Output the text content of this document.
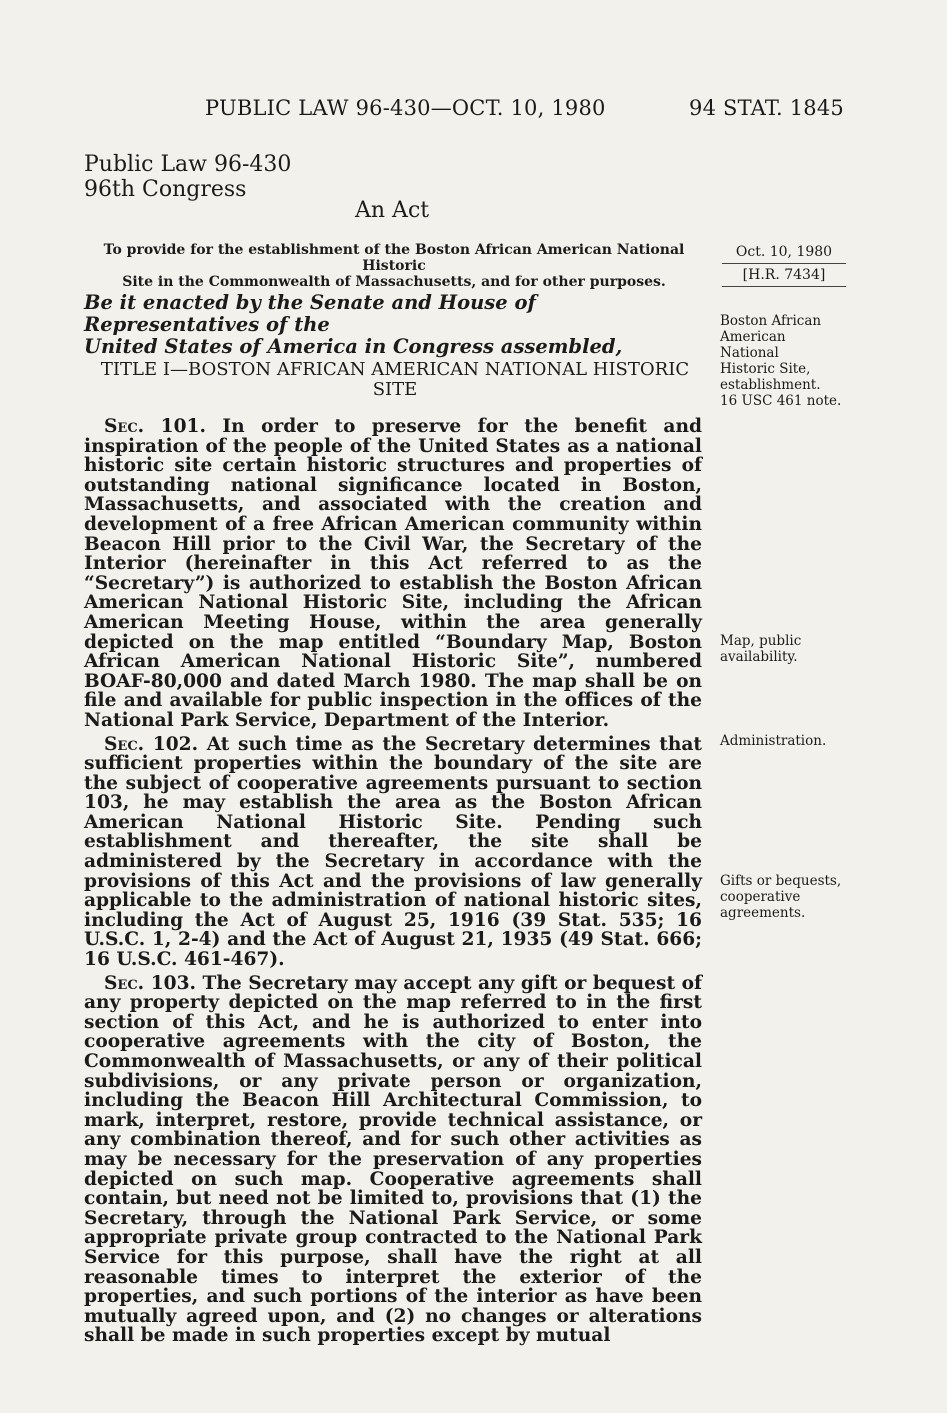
PUBLIC LAW 96-430—OCT. 10, 1980	94 STAT. 1845
Public Law 96-430
96th Congress
An Act
To provide for the establishment of the Boston African American National Historic
Site in the Commonwealth of Massachusetts, and for other purposes.
Oct. 10, 1980
[H.R. 7434]
Be it enacted by the Senate and House of Representatives of the
United States of America in Congress assembled,
TITLE I—BOSTON AFRICAN AMERICAN NATIONAL HISTORIC
SITE
Boston African
American
National
Historic Site,
establishment.
16 USC 461 note.
Map, public
availability.
Administration.
Gifts or bequests,
cooperative
agreements.

Sec. 101. In order to preserve for the benefit and inspiration of the people of the United States as a national historic site certain historic structures and properties of outstanding national significance located in Boston, Massachusetts, and associated with the creation and development of a free African American community within Beacon Hill prior to the Civil War, the Secretary of the Interior (hereinafter in this Act referred to as the “Secretary”) is authorized to establish the Boston African American National Historic Site, including the African American Meeting House, within the area generally depicted on the map entitled “Boundary Map, Boston African American National Historic Site”, numbered BOAF-80,000 and dated March 1980. The map shall be on file and available for public inspection in the offices of the National Park Service, Department of the Interior.

Sec. 102. At such time as the Secretary determines that sufficient properties within the boundary of the site are the subject of cooperative agreements pursuant to section 103, he may establish the area as the Boston African American National Historic Site. Pending such establishment and thereafter, the site shall be administered by the Secretary in accordance with the provisions of this Act and the provisions of law generally applicable to the administration of national historic sites, including the Act of August 25, 1916 (39 Stat. 535; 16 U.S.C. 1, 2-4) and the Act of August 21, 1935 (49 Stat. 666; 16 U.S.C. 461-467).

Sec. 103. The Secretary may accept any gift or bequest of any property depicted on the map referred to in the first section of this Act, and he is authorized to enter into cooperative agreements with the city of Boston, the Commonwealth of Massachusetts, or any of their political subdivisions, or any private person or organization, including the Beacon Hill Architectural Commission, to mark, interpret, restore, provide technical assistance, or any combination thereof, and for such other activities as may be necessary for the preservation of any properties depicted on such map. Cooperative agreements shall contain, but need not be limited to, provisions that (1) the Secretary, through the National Park Service, or some appropriate private group contracted to the National Park Service for this purpose, shall have the right at all reasonable times to interpret the exterior of the properties, and such portions of the interior as have been mutually agreed upon, and (2) no changes or alterations shall be made in such properties except by mutual
